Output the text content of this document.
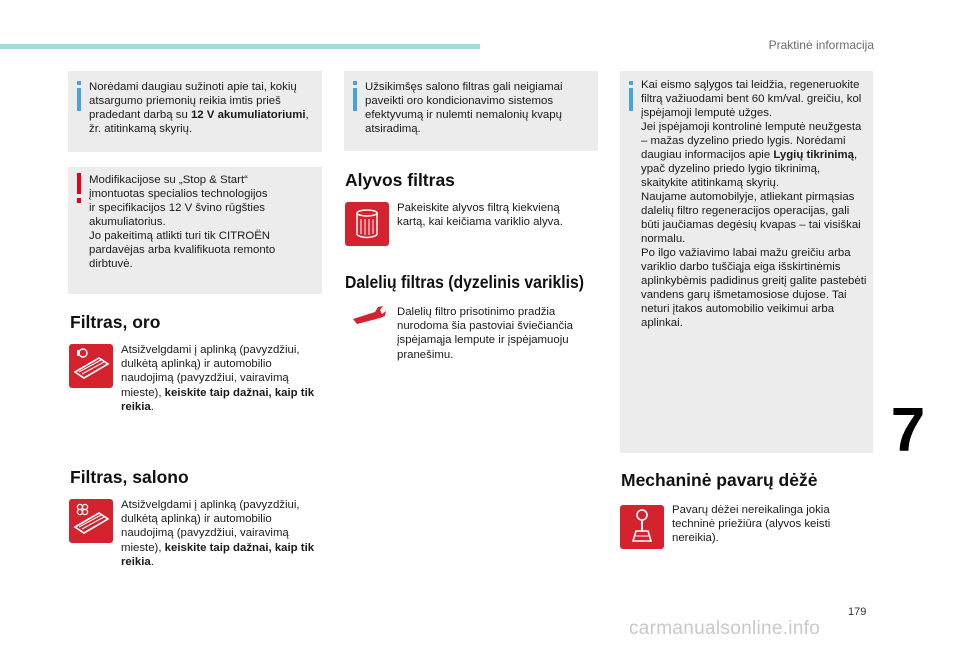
Praktinė informacija
7
179
carmanualsonline.info
Norėdami daugiau sužinoti apie tai, kokių atsargumo priemonių reikia imtis prieš pradedant darbą su 12 V akumuliatoriumi, žr. atitinkamą skyrių.
Modifikacijose su „Stop & Start“
įmontuotas specialios technologijos
ir specifikacijos 12 V švino rūgšties
akumuliatorius.
Jo pakeitimą atlikti turi tik CITROËN
pardavėjas arba kvalifikuota remonto
dirbtuvė.
Filtras, oro
Atsižvelgdami į aplinką (pavyzdžiui, dulkėtą aplinką) ir automobilio naudojimą (pavyzdžiui, vairavimą mieste), keiskite taip dažnai, kaip tik reikia.
Filtras, salono
Atsižvelgdami į aplinką (pavyzdžiui, dulkėtą aplinką) ir automobilio naudojimą (pavyzdžiui, vairavimą mieste), keiskite taip dažnai, kaip tik reikia.
Užsikimšęs salono filtras gali neigiamai paveikti oro kondicionavimo sistemos efektyvumą ir nulemti nemalonių kvapų atsiradimą.
Alyvos filtras
Pakeiskite alyvos filtrą kiekvieną kartą, kai keičiama variklio alyva.
Dalelių filtras (dyzelinis variklis)
Dalelių filtro prisotinimo pradžia nurodoma šia pastoviai šviečiančia įspėjamąja lempute ir įspėjamuoju pranešimu.
Kai eismo sąlygos tai leidžia, regeneruokite filtrą važiuodami bent 60 km/val. greičiu, kol įspėjamoji lemputė užges.
Jei įspėjamoji kontrolinė lemputė neužgesta – mažas dyzelino priedo lygis. Norėdami daugiau informacijos apie Lygių tikrinimą, ypač dyzelino priedo lygio tikrinimą, skaitykite atitinkamą skyrių.
Naujame automobilyje, atliekant pirmąsias dalelių filtro regeneracijos operacijas, gali būti jaučiamas degėsių kvapas – tai visiškai normalu.
Po ilgo važiavimo labai mažu greičiu arba variklio darbo tuščiąja eiga išskirtinėmis aplinkybėmis padidinus greitį galite pastebėti vandens garų išmetamosiose dujose. Tai neturi įtakos automobilio veikimui arba aplinkai.
Mechaninė pavarų dėžė
Pavarų dėžei nereikalinga jokia techninė priežiūra (alyvos keisti nereikia).
